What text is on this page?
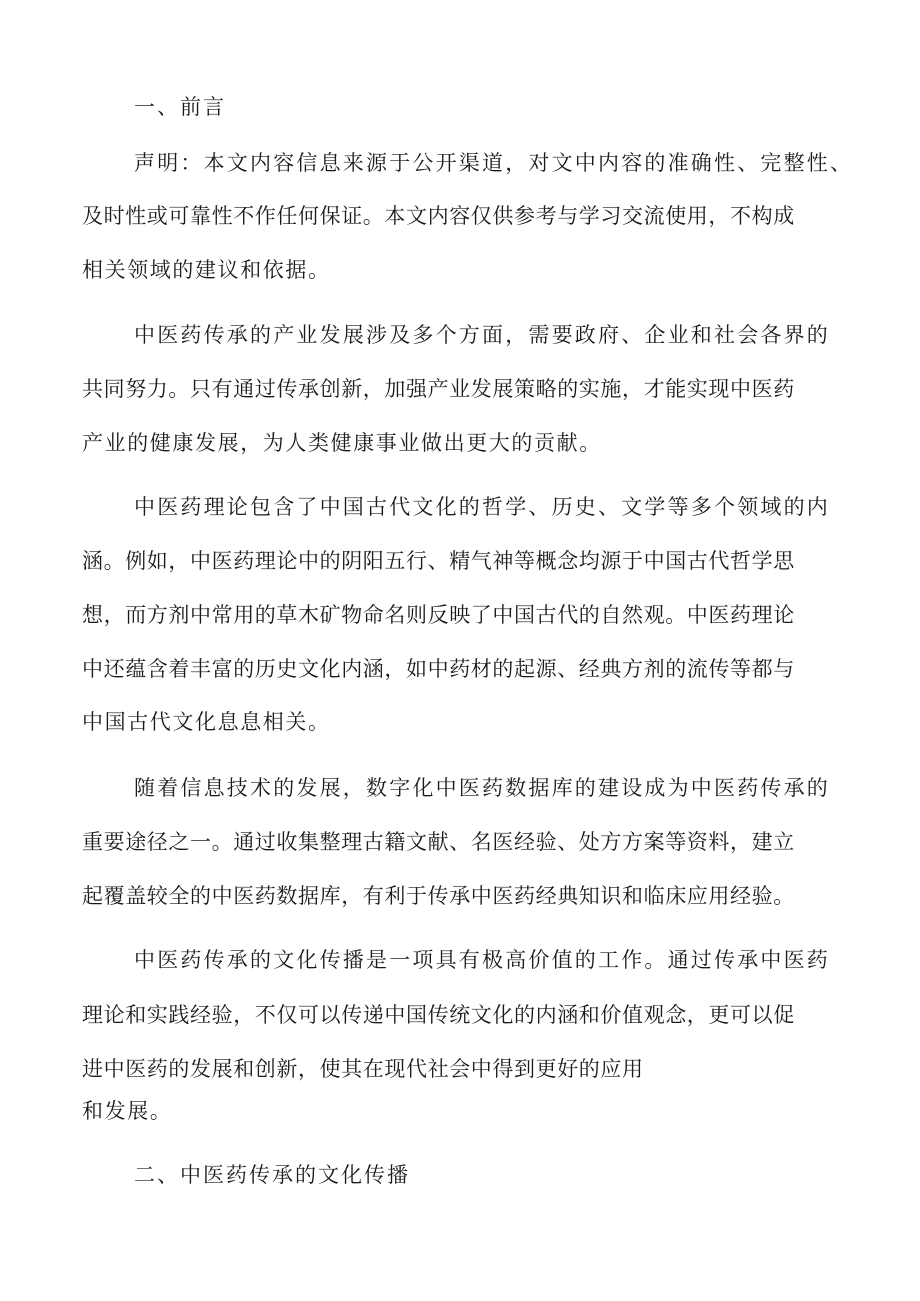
一、前言
声明：本文内容信息来源于公开渠道，对文中内容的准确性、完整性、
及时性或可靠性不作任何保证。本文内容仅供参考与学习交流使用，不构成
相关领域的建议和依据。
中医药传承的产业发展涉及多个方面，需要政府、企业和社会各界的
共同努力。只有通过传承创新，加强产业发展策略的实施，才能实现中医药
产业的健康发展，为人类健康事业做出更大的贡献。
中医药理论包含了中国古代文化的哲学、历史、文学等多个领域的内
涵。例如，中医药理论中的阴阳五行、精气神等概念均源于中国古代哲学思
想，而方剂中常用的草木矿物命名则反映了中国古代的自然观。中医药理论
中还蕴含着丰富的历史文化内涵，如中药材的起源、经典方剂的流传等都与
中国古代文化息息相关。
随着信息技术的发展，数字化中医药数据库的建设成为中医药传承的
重要途径之一。通过收集整理古籍文献、名医经验、处方方案等资料，建立
起覆盖较全的中医药数据库，有利于传承中医药经典知识和临床应用经验。
中医药传承的文化传播是一项具有极高价值的工作。通过传承中医药
理论和实践经验，不仅可以传递中国传统文化的内涵和价值观念，更可以促
进中医药的发展和创新，使其在现代社会中得到更好的应用
和发展。
二、中医药传承的文化传播
